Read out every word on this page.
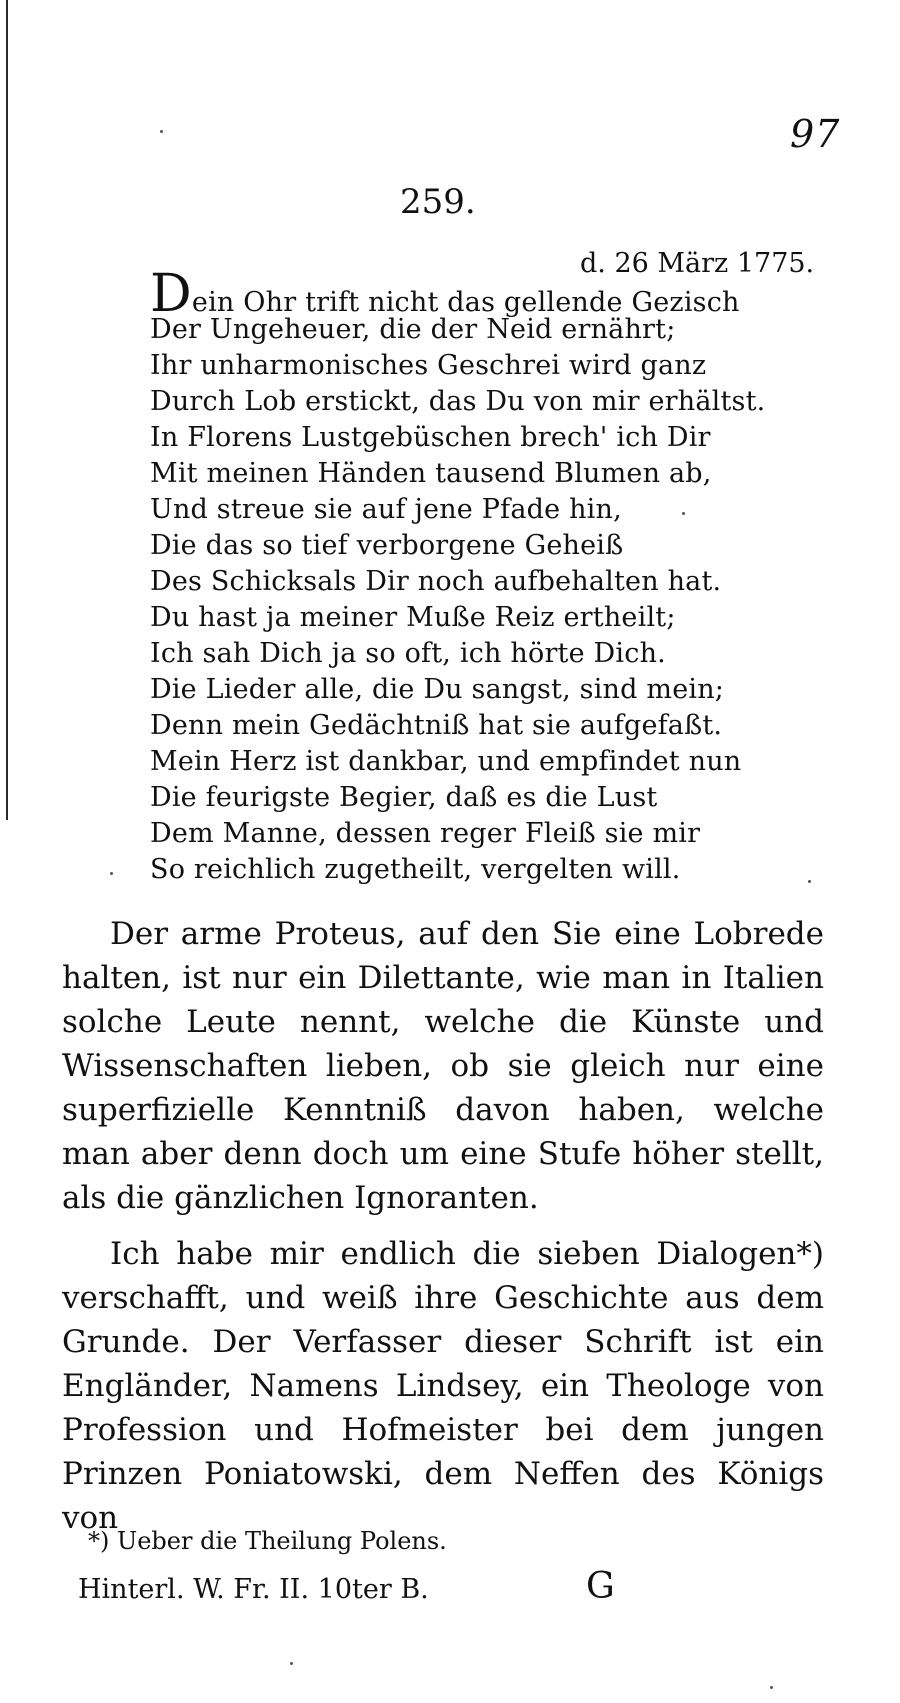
97
259.
d. 26 März 1775.
Dein Ohr trift nicht das gellende Gezisch
Der Ungeheuer, die der Neid ernährt;
Ihr unharmonisches Geschrei wird ganz
Durch Lob erstickt, das Du von mir erhältst.
In Florens Lustgebüschen brech' ich Dir
Mit meinen Händen tausend Blumen ab,
Und streue sie auf jene Pfade hin,
Die das so tief verborgene Geheiß
Des Schicksals Dir noch aufbehalten hat.
Du hast ja meiner Muße Reiz ertheilt;
Ich sah Dich ja so oft, ich hörte Dich.
Die Lieder alle, die Du sangst, sind mein;
Denn mein Gedächtniß hat sie aufgefaßt.
Mein Herz ist dankbar, und empfindet nun
Die feurigste Begier, daß es die Lust
Dem Manne, dessen reger Fleiß sie mir
So reichlich zugetheilt, vergelten will.

Der arme Proteus, auf den Sie eine Lobrede halten, ist nur ein Dilettante, wie man in Italien solche Leute nennt, welche die Künste und Wissenschaften lieben, ob sie gleich nur eine superfizielle Kenntniß davon haben, welche man aber denn doch um eine Stufe höher stellt, als die gänzlichen Ignoranten.

Ich habe mir endlich die sieben Dialogen*) verschafft, und weiß ihre Geschichte aus dem Grunde. Der Verfasser dieser Schrift ist ein Engländer, Namens Lindsey, ein Theologe von Profession und Hofmeister bei dem jungen Prinzen Poniatowski, dem Neffen des Königs von

*) Ueber die Theilung Polens.
Hinterl. W. Fr. II. 10ter B.	G
